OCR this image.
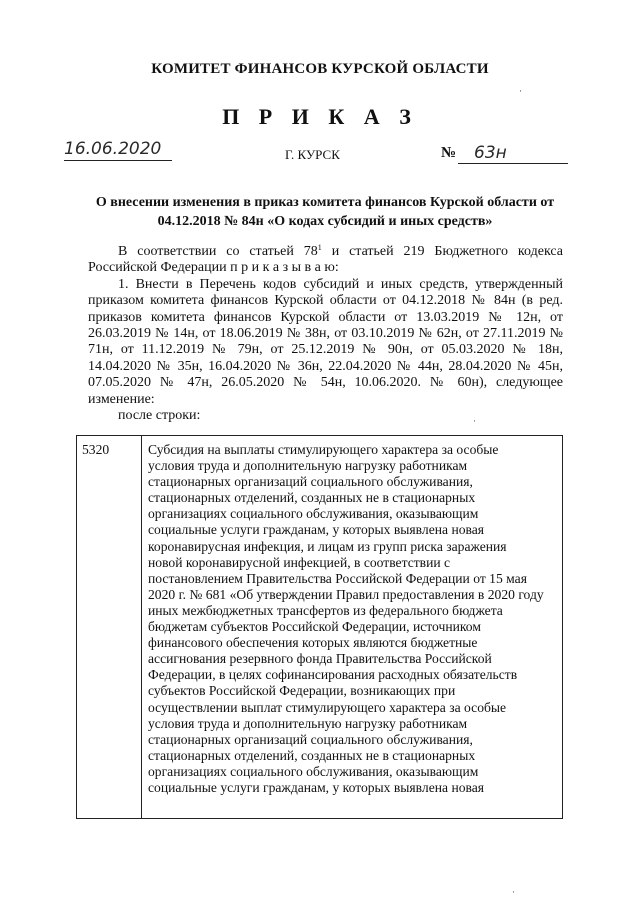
КОМИТЕТ ФИНАНСОВ КУРСКОЙ ОБЛАСТИ
П Р И К А З
16.06.2020	Г. КУРСК	№	63н
О внесении изменения в приказ комитета финансов Курской области от
04.12.2018 № 84н «О кодах субсидий и иных средств»

В соответствии со статьей $78^1$ и статьей 219 Бюджетного кодекса Российской Федерации п р и к а з ы в а ю:

1. Внести в Перечень кодов субсидий и иных средств, утвержденный приказом комитета финансов Курской области от 04.12.2018 № 84н (в ред. приказов комитета финансов Курской области от 13.03.2019 № 12н, от 26.03.2019 № 14н, от 18.06.2019 № 38н, от 03.10.2019 № 62н, от 27.11.2019 № 71н, от 11.12.2019 № 79н, от 25.12.2019 № 90н, от 05.03.2020 № 18н, 14.04.2020 № 35н, 16.04.2020 № 36н, 22.04.2020 № 44н, 28.04.2020 № 45н, 07.05.2020 № 47н, 26.05.2020 № 54н, 10.06.2020. № 60н), следующее изменение:

после строки:

5320	Субсидия на выплаты стимулирующего характера за особые условия труда и дополнительную нагрузку работникам стационарных организаций социального обслуживания, стационарных отделений, созданных не в стационарных организациях социального обслуживания, оказывающим социальные услуги гражданам, у которых выявлена новая коронавирусная инфекция, и лицам из групп риска заражения новой коронавирусной инфекцией, в соответствии с постановлением Правительства Российской Федерации от 15 мая 2020 г. № 681 «Об утверждении Правил предоставления в 2020 году иных межбюджетных трансфертов из федерального бюджета бюджетам субъектов Российской Федерации, источником финансового обеспечения которых являются бюджетные ассигнования резервного фонда Правительства Российской Федерации, в целях софинансирования расходных обязательств субъектов Российской Федерации, возникающих при осуществлении выплат стимулирующего характера за особые условия труда и дополнительную нагрузку работникам стационарных организаций социального обслуживания, стационарных отделений, созданных не в стационарных организациях социального обслуживания, оказывающим социальные услуги гражданам, у которых выявлена новая
·
·
·
